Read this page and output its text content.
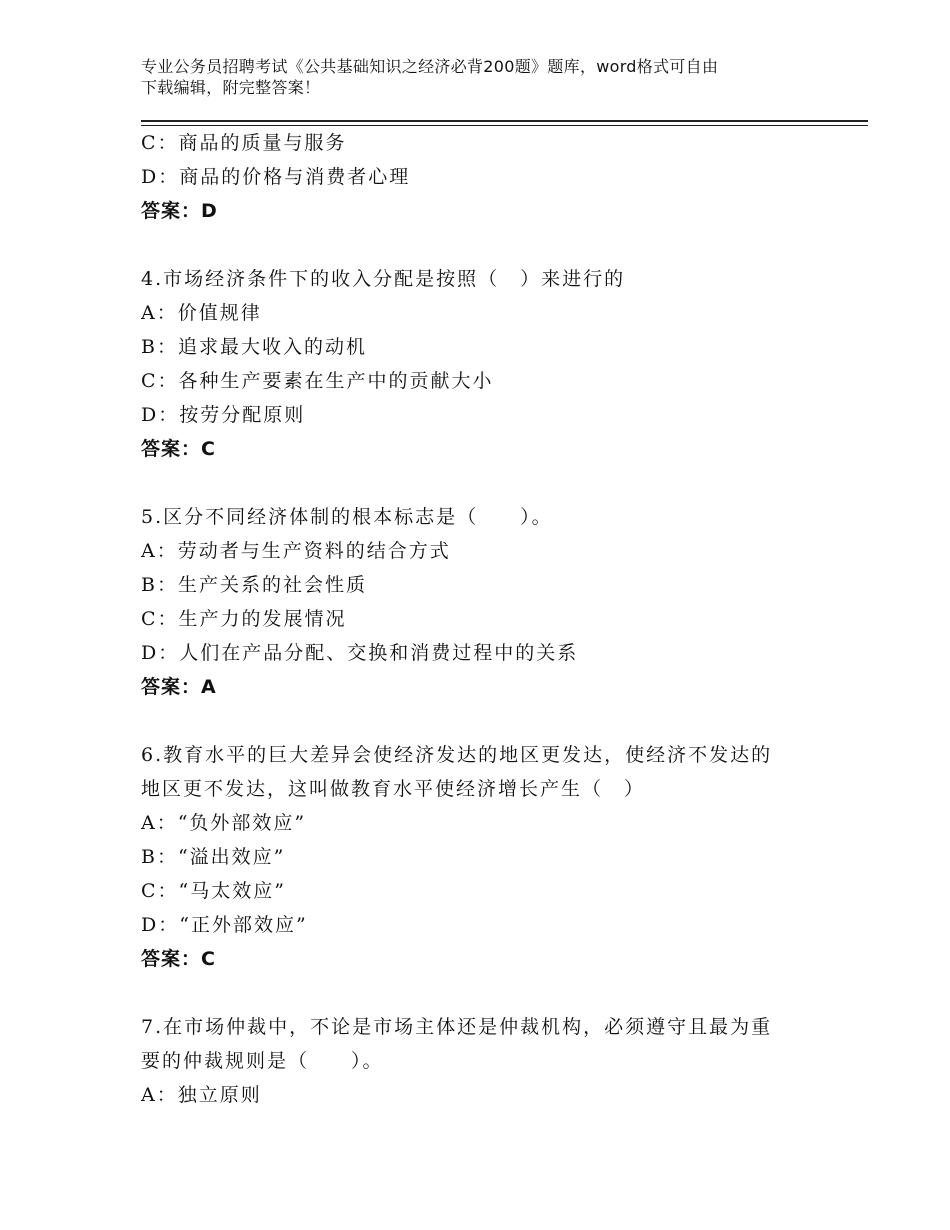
专业公务员招聘考试《公共基础知识之经济必背200题》题库，word格式可自由
下载编辑，附完整答案！
C：商品的质量与服务
D：商品的价格与消费者心理
答案：D
4.市场经济条件下的收入分配是按照（　）来进行的
A：价值规律
B：追求最大收入的动机
C：各种生产要素在生产中的贡献大小
D：按劳分配原则
答案：C
5.区分不同经济体制的根本标志是（　　）。
A：劳动者与生产资料的结合方式
B：生产关系的社会性质
C：生产力的发展情况
D：人们在产品分配、交换和消费过程中的关系
答案：A
6.教育水平的巨大差异会使经济发达的地区更发达，使经济不发达的
地区更不发达，这叫做教育水平使经济增长产生（　）
A：“负外部效应”
B：“溢出效应”
C：“马太效应”
D：“正外部效应”
答案：C
7.在市场仲裁中，不论是市场主体还是仲裁机构，必须遵守且最为重
要的仲裁规则是（　　）。
A：独立原则
